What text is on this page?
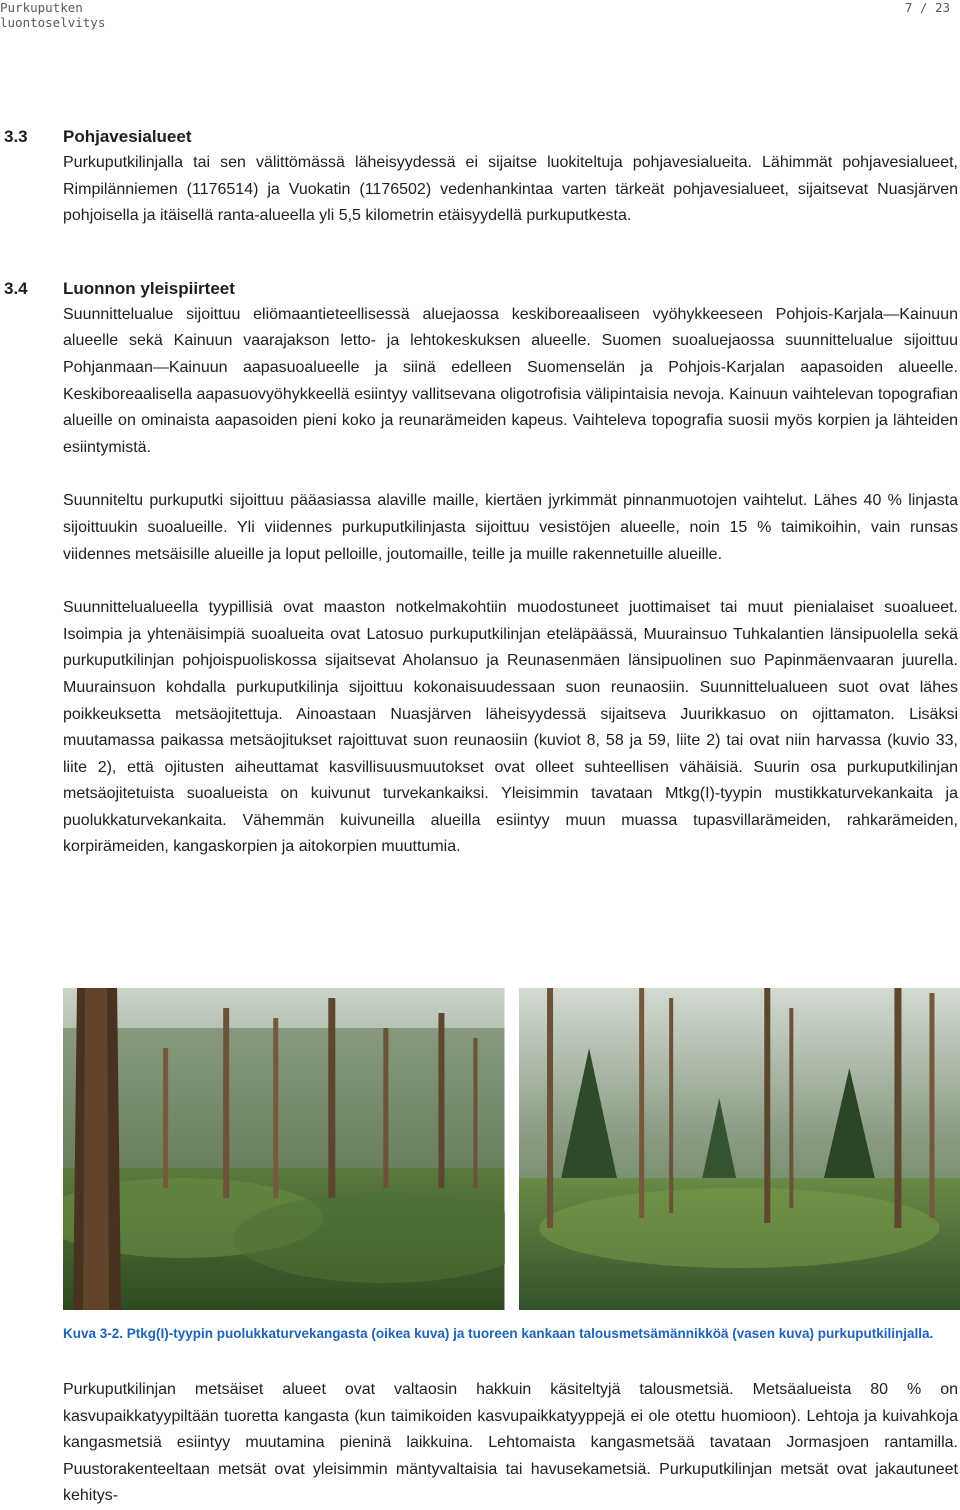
Purkuputken
luontoselvitys
7 / 23
3.3	Pohjavesialueet

Purkuputkilinjalla tai sen välittömässä läheisyydessä ei sijaitse luokiteltuja pohjavesialueita. Lähimmät pohjavesialueet, Rimpilänniemen (1176514) ja Vuokatin (1176502) vedenhankintaa varten tärkeät pohjavesialueet, sijaitsevat Nuasjärven pohjoisella ja itäisellä ranta-alueella yli 5,5 kilometrin etäisyydellä purkuputkesta.

3.4	Luonnon yleispiirteet

Suunnittelualue sijoittuu eliömaantieteellisessä aluejaossa keskiboreaaliseen vyöhykkeeseen Pohjois-Karjala—Kainuun alueelle sekä Kainuun vaarajakson letto- ja lehtokeskuksen alueelle. Suomen suoaluejaossa suunnittelualue sijoittuu Pohjanmaan—Kainuun aapasuoalueelle ja siinä edelleen Suomenselän ja Pohjois-Karjalan aapasoiden alueelle. Keskiboreaalisella aapasuovyöhykkeellä esiintyy vallitsevana oligotrofisia välipintaisia nevoja. Kainuun vaihtelevan topografian alueille on ominaista aapasoiden pieni koko ja reunarämeiden kapeus. Vaihteleva topografia suosii myös korpien ja lähteiden esiintymistä.

Suunniteltu purkuputki sijoittuu pääasiassa alaville maille, kiertäen jyrkimmät pinnanmuotojen vaihtelut. Lähes 40 % linjasta sijoittuukin suoalueille. Yli viidennes purkuputkilinjasta sijoittuu vesistöjen alueelle, noin 15 % taimikoihin, vain runsas viidennes metsäisille alueille ja loput pelloille, joutomaille, teille ja muille rakennetuille alueille.

Suunnittelualueella tyypillisiä ovat maaston notkelmakohtiin muodostuneet juottimaiset tai muut pienialaiset suoalueet. Isoimpia ja yhtenäisimpiä suoalueita ovat Latosuo purkuputkilinjan eteläpäässä, Muurainsuo Tuhkalantien länsipuolella sekä purkuputkilinjan pohjoispuoliskossa sijaitsevat Aholansuo ja Reunasenmäen länsipuolinen suo Papinmäenvaaran juurella. Muurainsuon kohdalla purkuputkilinja sijoittuu kokonaisuudessaan suon reunaosiin. Suunnittelualueen suot ovat lähes poikkeuksetta metsäojitettuja. Ainoastaan Nuasjärven läheisyydessä sijaitseva Juurikkasuo on ojittamaton. Lisäksi muutamassa paikassa metsäojitukset rajoittuvat suon reunaosiin (kuviot 8, 58 ja 59, liite 2) tai ovat niin harvassa (kuvio 33, liite 2), että ojitusten aiheuttamat kasvillisuusmuutokset ovat olleet suhteellisen vähäisiä. Suurin osa purkuputkilinjan metsäojitetuista suoalueista on kuivunut turvekankaiksi. Yleisimmin tavataan Mtkg(I)-tyypin mustikkaturvekankaita ja puolukkaturvekankaita. Vähemmän kuivuneilla alueilla esiintyy muun muassa tupasvillarämeiden, rahkarämeiden, korpirämeiden, kangaskorpien ja aitokorpien muuttumia.

Kuva 3-2. Ptkg(I)-tyypin puolukkaturvekangasta (oikea kuva) ja tuoreen kankaan talousmetsämännikköä (vasen kuva) purkuputkilinjalla.

Purkuputkilinjan metsäiset alueet ovat valtaosin hakkuin käsiteltyjä talousmetsiä. Metsäalueista 80 % on kasvupaikkatyypiltään tuoretta kangasta (kun taimikoiden kasvupaikkatyyppejä ei ole otettu huomioon). Lehtoja ja kuivahkoja kangasmetsiä esiintyy muutamina pieninä laikkuina. Lehtomaista kangasmetsää tavataan Jormasjoen rantamilla. Puustorakenteeltaan metsät ovat yleisimmin mäntyvaltaisia tai havusekametsiä. Purkuputkilinjan metsät ovat jakautuneet kehitys-
